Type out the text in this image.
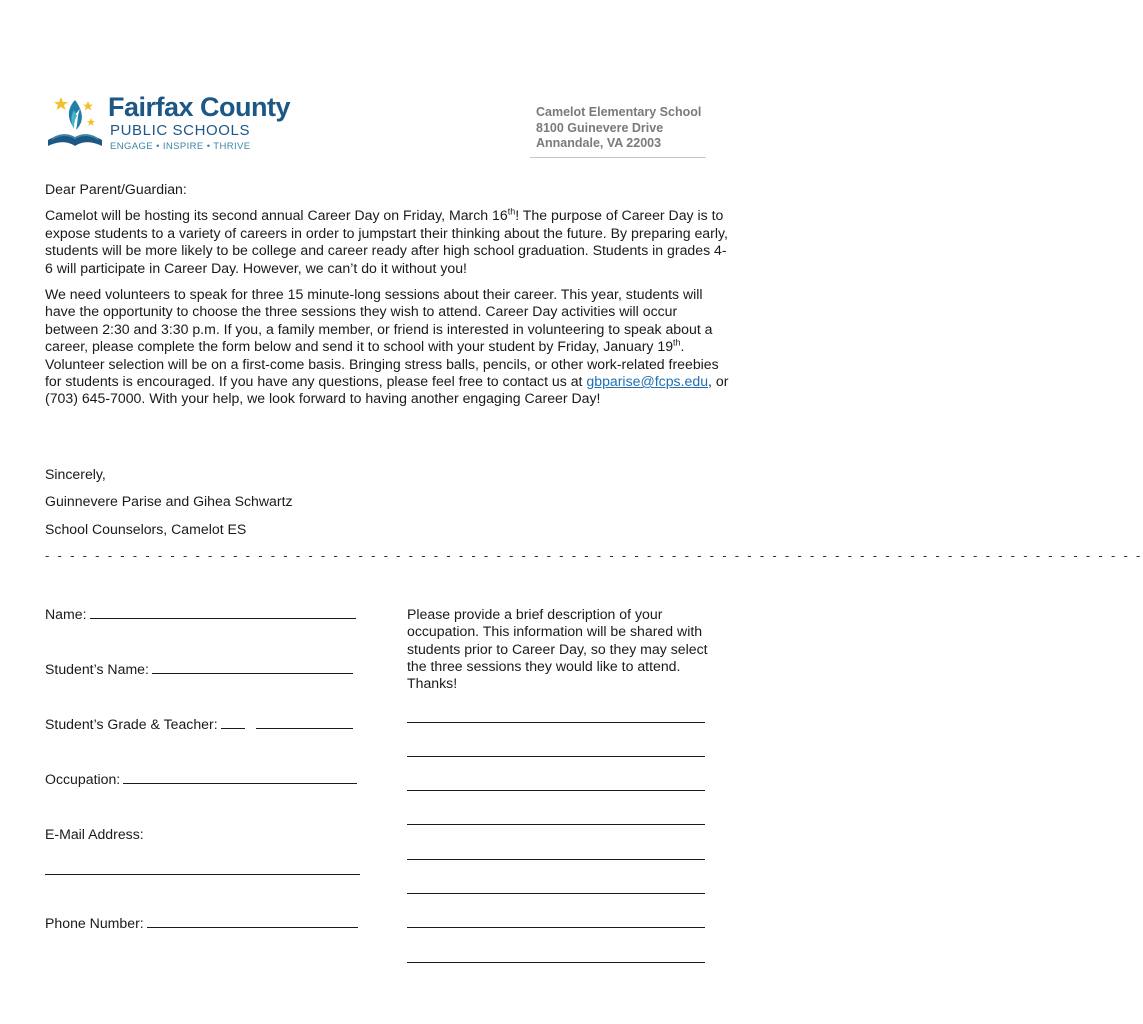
Fairfax County
PUBLIC SCHOOLS
ENGAGE • INSPIRE • THRIVE
Camelot Elementary School
8100 Guinevere Drive
Annandale, VA 22003

Dear Parent/Guardian:

Camelot will be hosting its second annual Career Day on Friday, March 16th! The purpose of Career Day is to expose students to a variety of careers in order to jumpstart their thinking about the future. By preparing early, students will be more likely to be college and career ready after high school graduation. Students in grades 4-6 will participate in Career Day. However, we can’t do it without you!

We need volunteers to speak for three 15 minute-long sessions about their career. This year, students will have the opportunity to choose the three sessions they wish to attend. Career Day activities will occur between 2:30 and 3:30 p.m. If you, a family member, or friend is interested in volunteering to speak about a career, please complete the form below and send it to school with your student by Friday, January 19th. Volunteer selection will be on a first-come basis. Bringing stress balls, pencils, or other work-related freebies for students is encouraged. If you have any questions, please feel free to contact us at gbparise@fcps.edu, or (703) 645-7000. With your help, we look forward to having another engaging Career Day!

Sincerely,
Guinnevere Parise and Gihea Schwartz
School Counselors, Camelot ES
- - - - - - - - - - - - - - - - - - - - - - - - - - - - - - - - - - - - - - - - - - - - - - - - - - - - - - - - - - - - - - - - - - - - - - - - - - - - - - - - - - - - - - - -
Name:
Student’s Name:
Student’s Grade & Teacher:
Occupation:
E-Mail Address:
Phone Number:
Please provide a brief description of your occupation. This information will be shared with students prior to Career Day, so they may select the three sessions they would like to attend. Thanks!
